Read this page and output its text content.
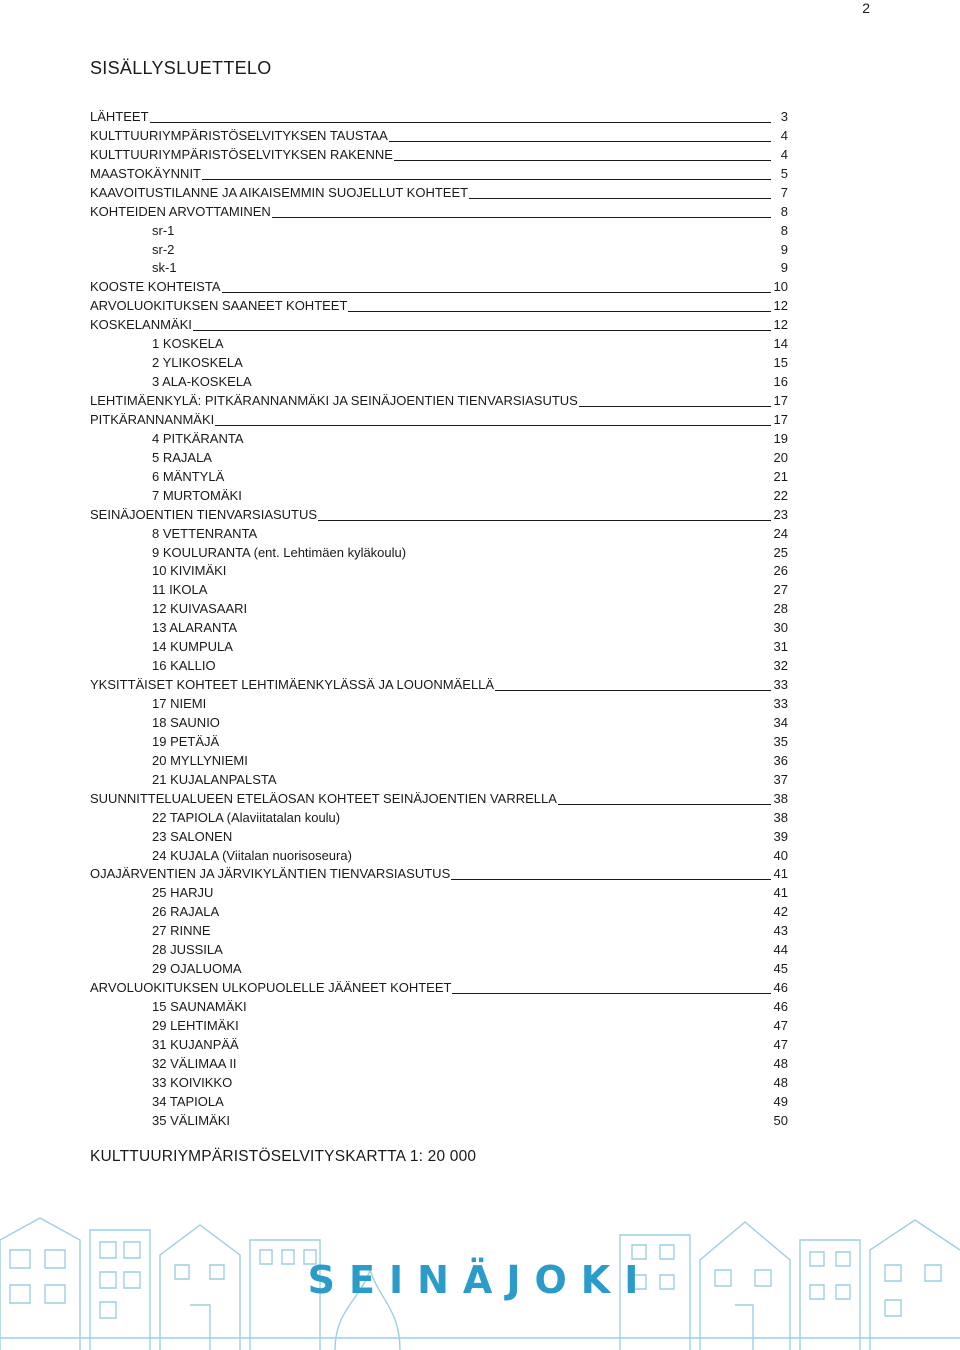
2
SISÄLLYSLUETTELO
LÄHTEET	3
KULTTUURIYMPÄRISTÖSELVITYKSEN TAUSTAA	4
KULTTUURIYMPÄRISTÖSELVITYKSEN RAKENNE	4
MAASTOKÄYNNIT	5
KAAVOITUSTILANNE JA AIKAISEMMIN SUOJELLUT KOHTEET	7
KOHTEIDEN ARVOTTAMINEN	8
sr-1	8
sr-2	9
sk-1	9
KOOSTE KOHTEISTA	10
ARVOLUOKITUKSEN SAANEET KOHTEET	12
KOSKELANMÄKI	12
1 KOSKELA	14
2 YLIKOSKELA	15
3 ALA-KOSKELA	16
LEHTIMÄENKYLÄ: PITKÄRANNANMÄKI JA SEINÄJOENTIEN TIENVARSIASUTUS	17
PITKÄRANNANMÄKI	17
4 PITKÄRANTA	19
5 RAJALA	20
6 MÄNTYLÄ	21
7 MURTOMÄKI	22
SEINÄJOENTIEN TIENVARSIASUTUS	23
8 VETTENRANTA	24
9 KOULURANTA (ent. Lehtimäen kyläkoulu)	25
10 KIVIMÄKI	26
11 IKOLA	27
12 KUIVASAARI	28
13 ALARANTA	30
14 KUMPULA	31
16 KALLIO	32
YKSITTÄISET KOHTEET LEHTIMÄENKYLÄSSÄ JA LOUONMÄELLÄ	33
17 NIEMI	33
18 SAUNIO	34
19 PETÄJÄ	35
20 MYLLYNIEMI	36
21 KUJALANPALSTA	37
SUUNNITTELUALUEEN ETELÄOSAN KOHTEET SEINÄJOENTIEN VARRELLA	38
22 TAPIOLA (Alaviitatalan koulu)	38
23 SALONEN	39
24 KUJALA (Viitalan nuorisoseura)	40
OJAJÄRVENTIEN JA JÄRVIKYLÄNTIEN TIENVARSIASUTUS	41
25 HARJU	41
26 RAJALA	42
27 RINNE	43
28 JUSSILA	44
29 OJALUOMA	45
ARVOLUOKITUKSEN ULKOPUOLELLE JÄÄNEET KOHTEET	46
15 SAUNAMÄKI	46
29 LEHTIMÄKI	47
31 KUJANPÄÄ	47
32 VÄLIMAA II	48
33 KOIVIKKO	48
34 TAPIOLA	49
35 VÄLIMÄKI	50
KULTTUURIYMPÄRISTÖSELVITYSKARTTA 1: 20 000
SEINÄJOKI
